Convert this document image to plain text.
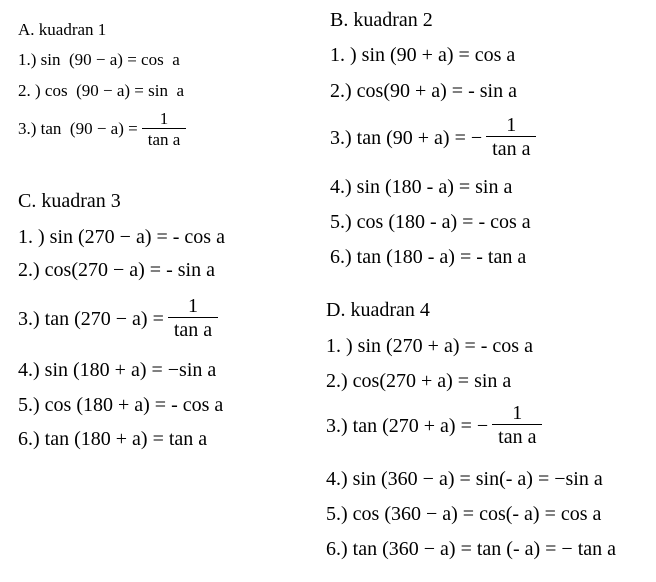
A. kuadran 1
1.) sin  (90 − a) = cos  a
2. ) cos  (90 − a) = sin  a
3.) $\tan (90 - a) = \frac{1}{\text{tan a}}$
B. kuadran 2
1. ) sin (90 + a) = cos a
2.) cos(90 + a) = - sin a
3.) tan (90 + a) = − $\frac{1}{\text{tan a}}$
4.) sin (180 - a) = sin a
5.) cos (180 - a) = - cos a
6.) tan (180 - a) = - tan a
C. kuadran 3
1. ) sin (270 − a) = - cos a
2.) cos(270 − a) = - sin a
3.) $\tan (270 - a) = \frac{1}{\text{tan a}}$
4.) sin (180 + a) = −sin a
5.) cos (180 + a) = - cos a
6.) tan (180 + a) = tan a
D. kuadran 4
1. ) sin (270 + a) = - cos a
2.) cos(270 + a) = sin a
3.) tan (270 + a) = − $\frac{1}{\text{tan a}}$
4.) sin (360 − a) = sin(- a) = −sin a
5.) cos (360 − a) = cos(- a) = cos a
6.) tan (360 − a) = tan (- a) = − tan a
